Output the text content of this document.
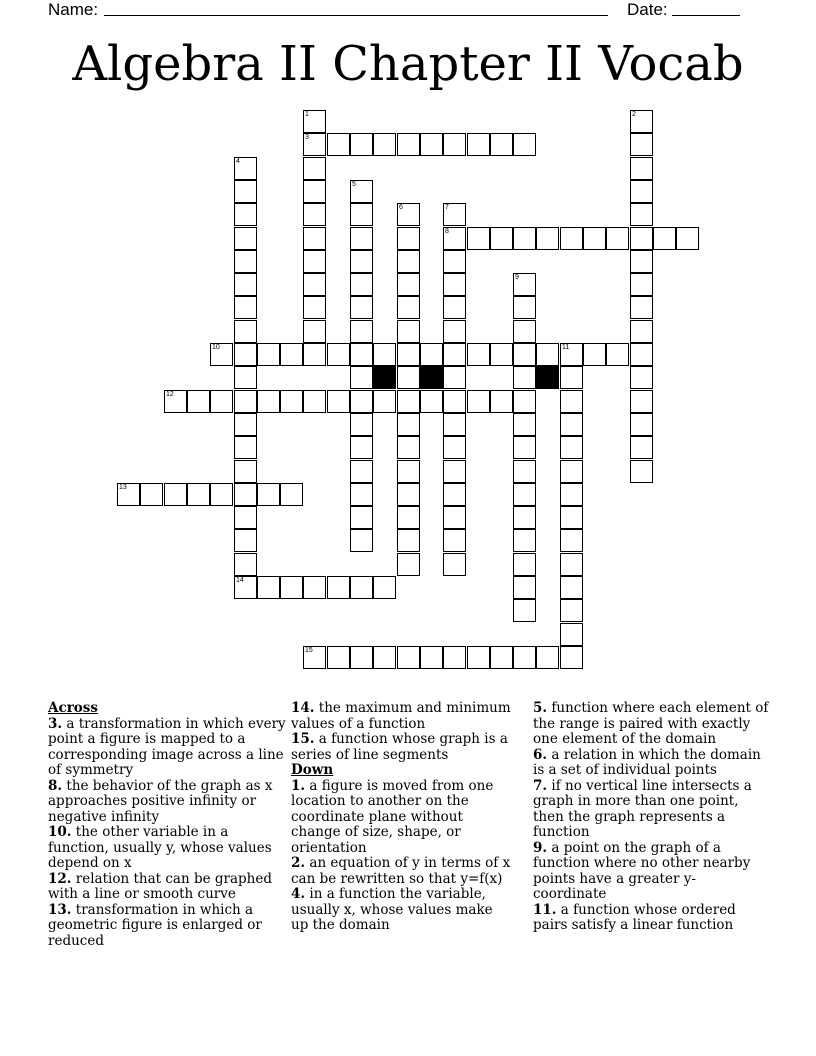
Name:	Date:
Algebra II Chapter II Vocab
1
3
2
4
14
5
6	7
8
9
10	11
12
13
15
Across
3. a transformation in which every point a figure is mapped to a corresponding image across a line of symmetry
8. the behavior of the graph as x approaches positive infinity or negative infinity
10. the other variable in a function, usually y, whose values depend on x
12. relation that can be graphed with a line or smooth curve
13. transformation in which a geometric figure is enlarged or reduced
14. the maximum and minimum values of a function
15. a function whose graph is a series of line segments
Down
1. a figure is moved from one location to another on the coordinate plane without change of size, shape, or orientation
2. an equation of y in terms of x can be rewritten so that y=f(x)
4. in a function the variable, usually x, whose values make up the domain
5. function where each element of the range is paired with exactly one element of the domain
6. a relation in which the domain is a set of individual points
7. if no vertical line intersects a graph in more than one point, then the graph represents a function
9. a point on the graph of a function where no other nearby points have a greater y-coordinate
11. a function whose ordered pairs satisfy a linear function
